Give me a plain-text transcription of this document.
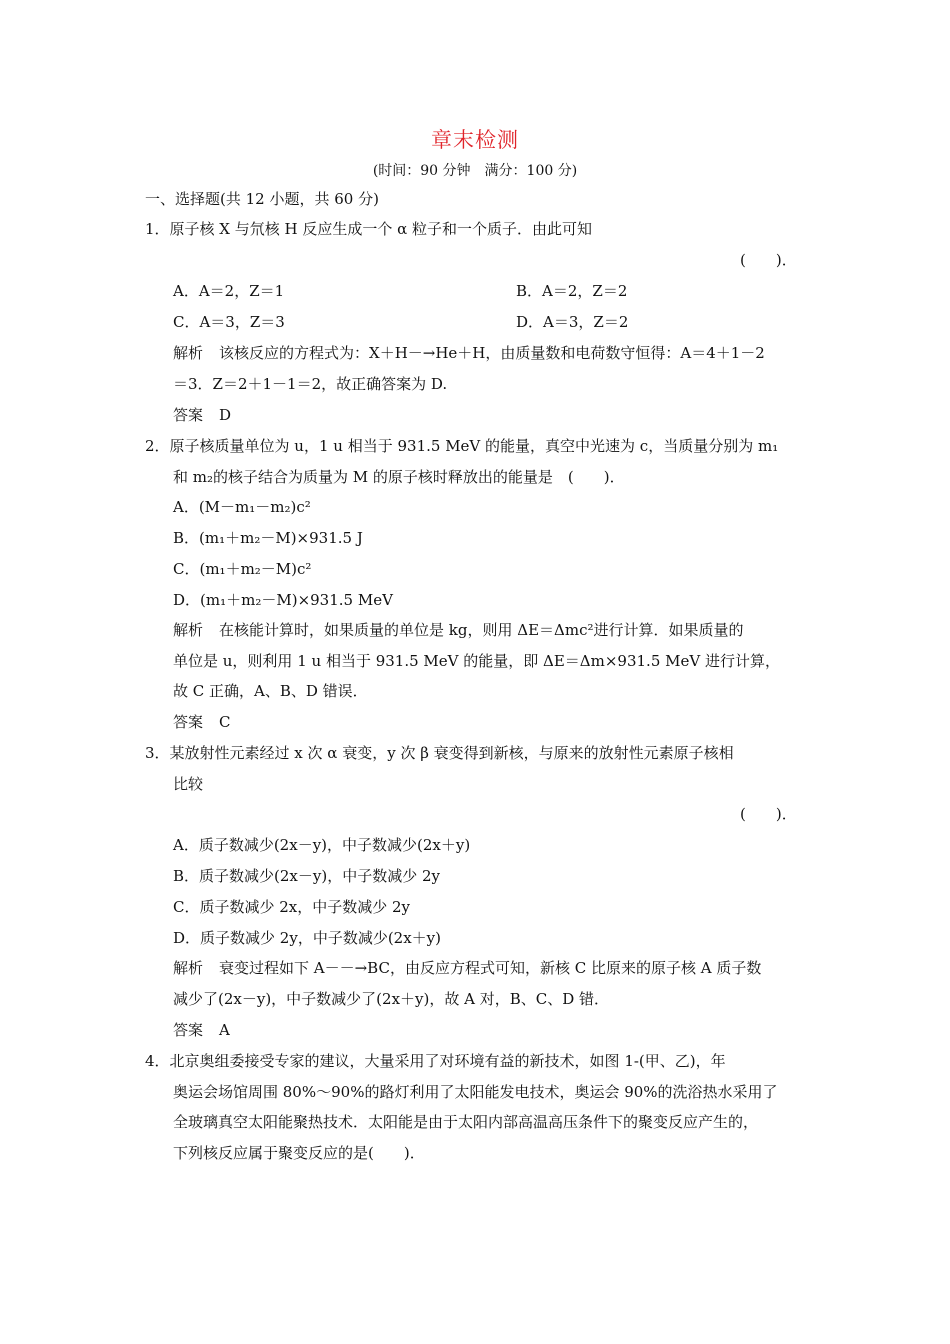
章末检测
(时间：90 分钟　满分：100 分)
一、选择题(共 12 小题，共 60 分)
1．原子核 X 与氘核 H 反应生成一个 α 粒子和一个质子．由此可知
(　　)．
A．A＝2，Z＝1	B．A＝2，Z＝2
C．A＝3，Z＝3	D．A＝3，Z＝2
解析 该核反应的方程式为：X＋H－→He＋H，由质量数和电荷数守恒得：A＝4＋1－2
＝3．Z＝2＋1－1＝2，故正确答案为 D.
答案 D
2．原子核质量单位为 u，1 u 相当于 931.5 MeV 的能量，真空中光速为 c，当质量分别为 m₁
和 m₂的核子结合为质量为 M 的原子核时释放出的能量是　(　　)．
A．(M－m₁－m₂)c²
B．(m₁＋m₂－M)×931.5 J
C．(m₁＋m₂－M)c²
D．(m₁＋m₂－M)×931.5 MeV
解析 在核能计算时，如果质量的单位是 kg，则用 ΔE＝Δmc²进行计算．如果质量的
单位是 u，则利用 1 u 相当于 931.5 MeV 的能量，即 ΔE＝Δm×931.5 MeV 进行计算，
故 C 正确，A、B、D 错误．
答案 C
3．某放射性元素经过 x 次 α 衰变，y 次 β 衰变得到新核，与原来的放射性元素原子核相
比较
(　　)．
A．质子数减少(2x－y)，中子数减少(2x＋y)
B．质子数减少(2x－y)，中子数减少 2y
C．质子数减少 2x，中子数减少 2y
D．质子数减少 2y，中子数减少(2x＋y)
解析 衰变过程如下 A－－→BC，由反应方程式可知，新核 C 比原来的原子核 A 质子数
减少了(2x－y)，中子数减少了(2x＋y)，故 A 对，B、C、D 错．
答案 A
4．北京奥组委接受专家的建议，大量采用了对环境有益的新技术，如图 1-(甲、乙)，年
奥运会场馆周围 80%～90%的路灯利用了太阳能发电技术，奥运会 90%的洗浴热水采用了
全玻璃真空太阳能聚热技术．太阳能是由于太阳内部高温高压条件下的聚变反应产生的，
下列核反应属于聚变反应的是(　　)．
